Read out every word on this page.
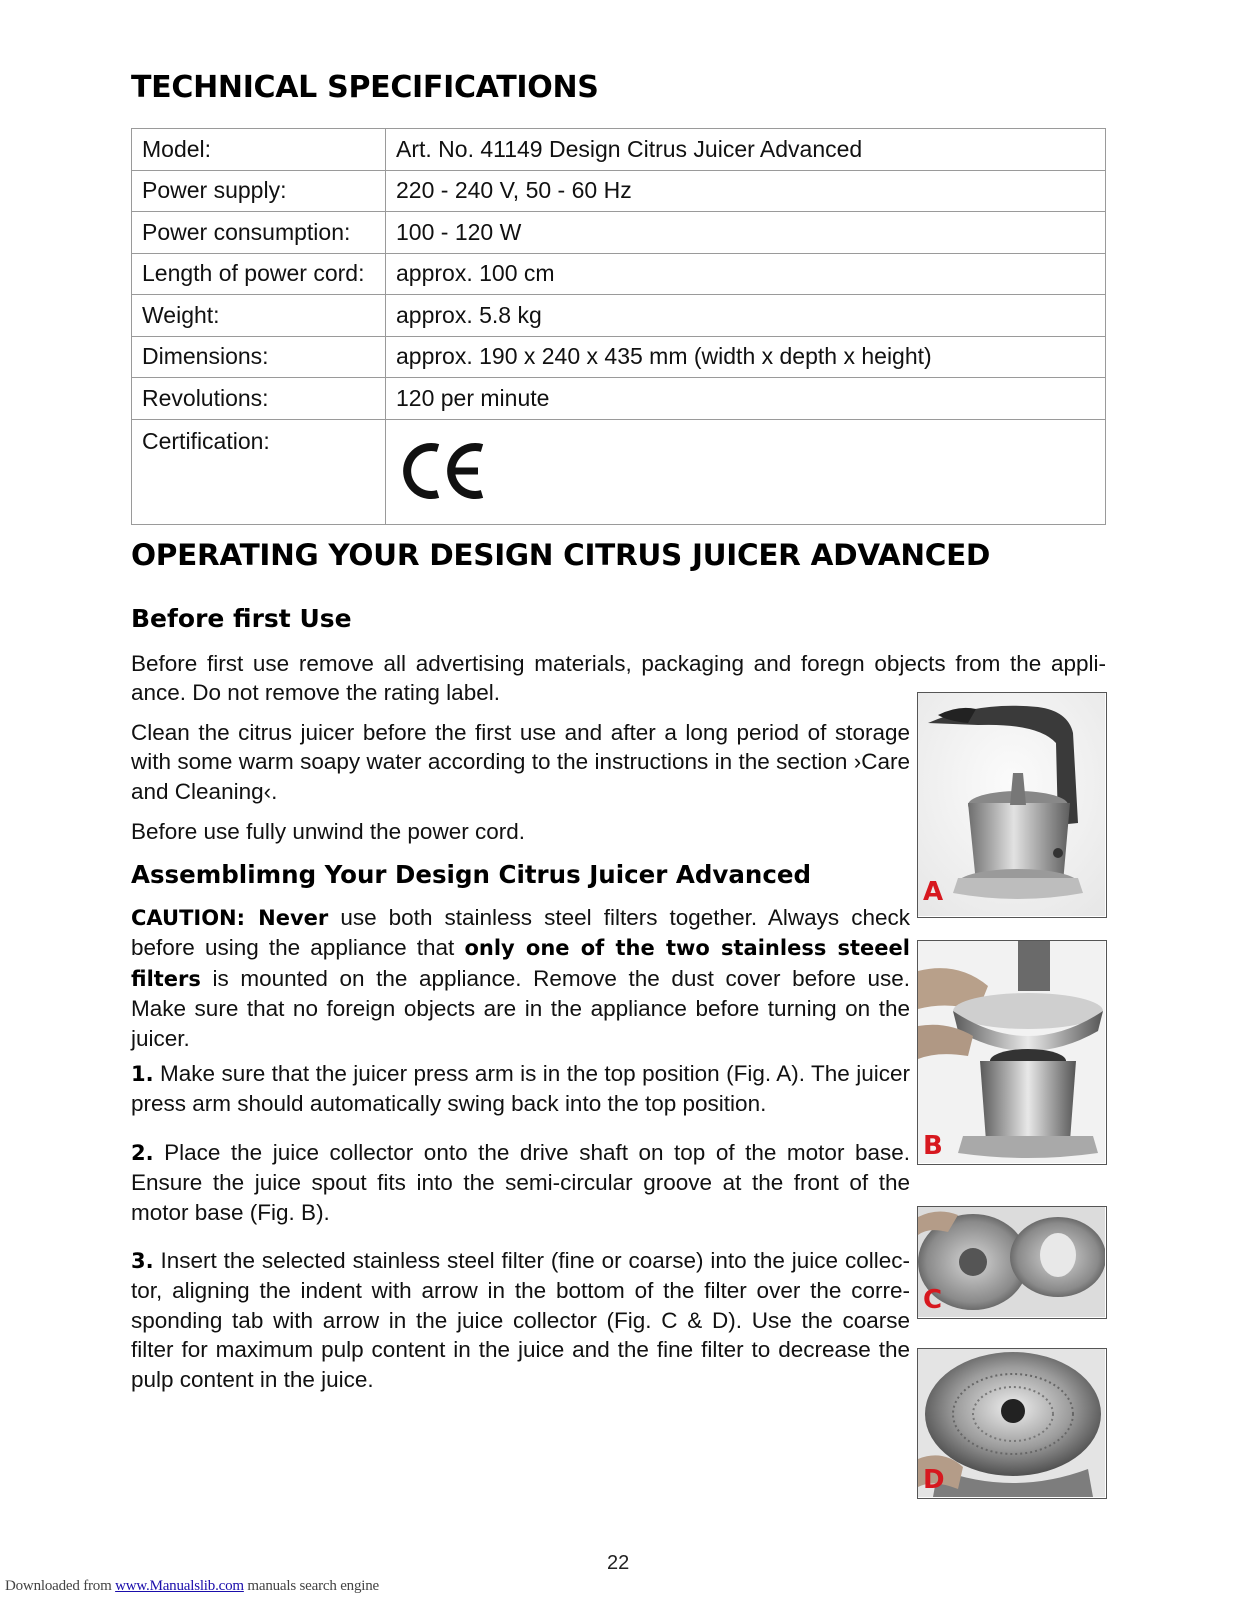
TECHNICAL SPECIFICATIONS
Model:	Art. No. 41149 Design Citrus Juicer Advanced
Power supply:	220 - 240 V, 50 - 60 Hz
Power consumption:	100 - 120 W
Length of power cord:	approx. 100 cm
Weight:	approx. 5.8 kg
Dimensions:	approx. 190 x 240 x 435 mm (width x depth x height)
Revolutions:	120 per minute
Certification:	
OPERATING YOUR DESIGN CITRUS JUICER ADVANCED
Before first Use
Before first use remove all advertising materials, packaging and foregn objects from the appli-ance. Do not remove the rating label.
Clean the citrus juicer before the first use and after a long period of storage with some warm soapy water according to the instructions in the section ›Care and Cleaning‹.
Before use fully unwind the power cord.
Assemblimng Your Design Citrus Juicer Advanced
CAUTION: Never use both stainless steel filters together. Always check before using the appliance that only one of the two stainless steeel filters is mounted on the appliance. Remove the dust cover before use. Make sure that no foreign objects are in the appliance before turning on the juicer.
1. Make sure that the juicer press arm is in the top position (Fig. A). The juicer press arm should automatically swing back into the top position.
2. Place the juice collector onto the drive shaft on top of the motor base. Ensure the juice spout fits into the semi-circular groove at the front of the motor base (Fig. B).
3. Insert the selected stainless steel filter (fine or coarse) into the juice collec-tor, aligning the indent with arrow in the bottom of the filter over the corre-sponding tab with arrow in the juice collector (Fig. C & D). Use the coarse filter for maximum pulp content in the juice and the fine filter to decrease the pulp content in the juice.
A
B
C
D
22
Downloaded from www.Manualslib.com manuals search engine
